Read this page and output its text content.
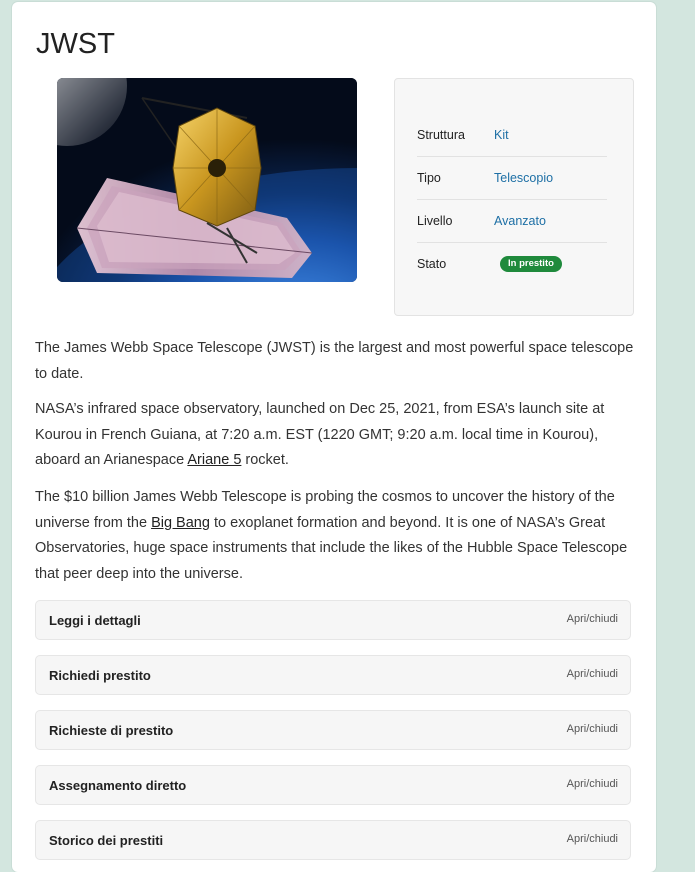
JWST
Struttura Kit
Tipo	Telescopio
Livello	Avanzato
Stato	In prestito

The James Webb Space Telescope (JWST) is the largest and most powerful space telescope to date.

NASA’s infrared space observatory, launched on Dec 25, 2021, from ESA’s launch site at Kourou in French Guiana, at 7:20 a.m. EST (1220 GMT; 9:20 a.m. local time in Kourou), aboard an Arianespace Ariane 5 rocket.

The $10 billion James Webb Telescope is probing the cosmos to uncover the history of the universe from the Big Bang to exoplanet formation and beyond. It is one of NASA’s Great Observatories, huge space instruments that include the likes of the Hubble Space Telescope that peer deep into the universe.

Leggi i dettagli	Apri/chiudi
Richiedi prestito	Apri/chiudi
Richieste di prestito	Apri/chiudi
Assegnamento diretto	Apri/chiudi
Storico dei prestiti	Apri/chiudi
